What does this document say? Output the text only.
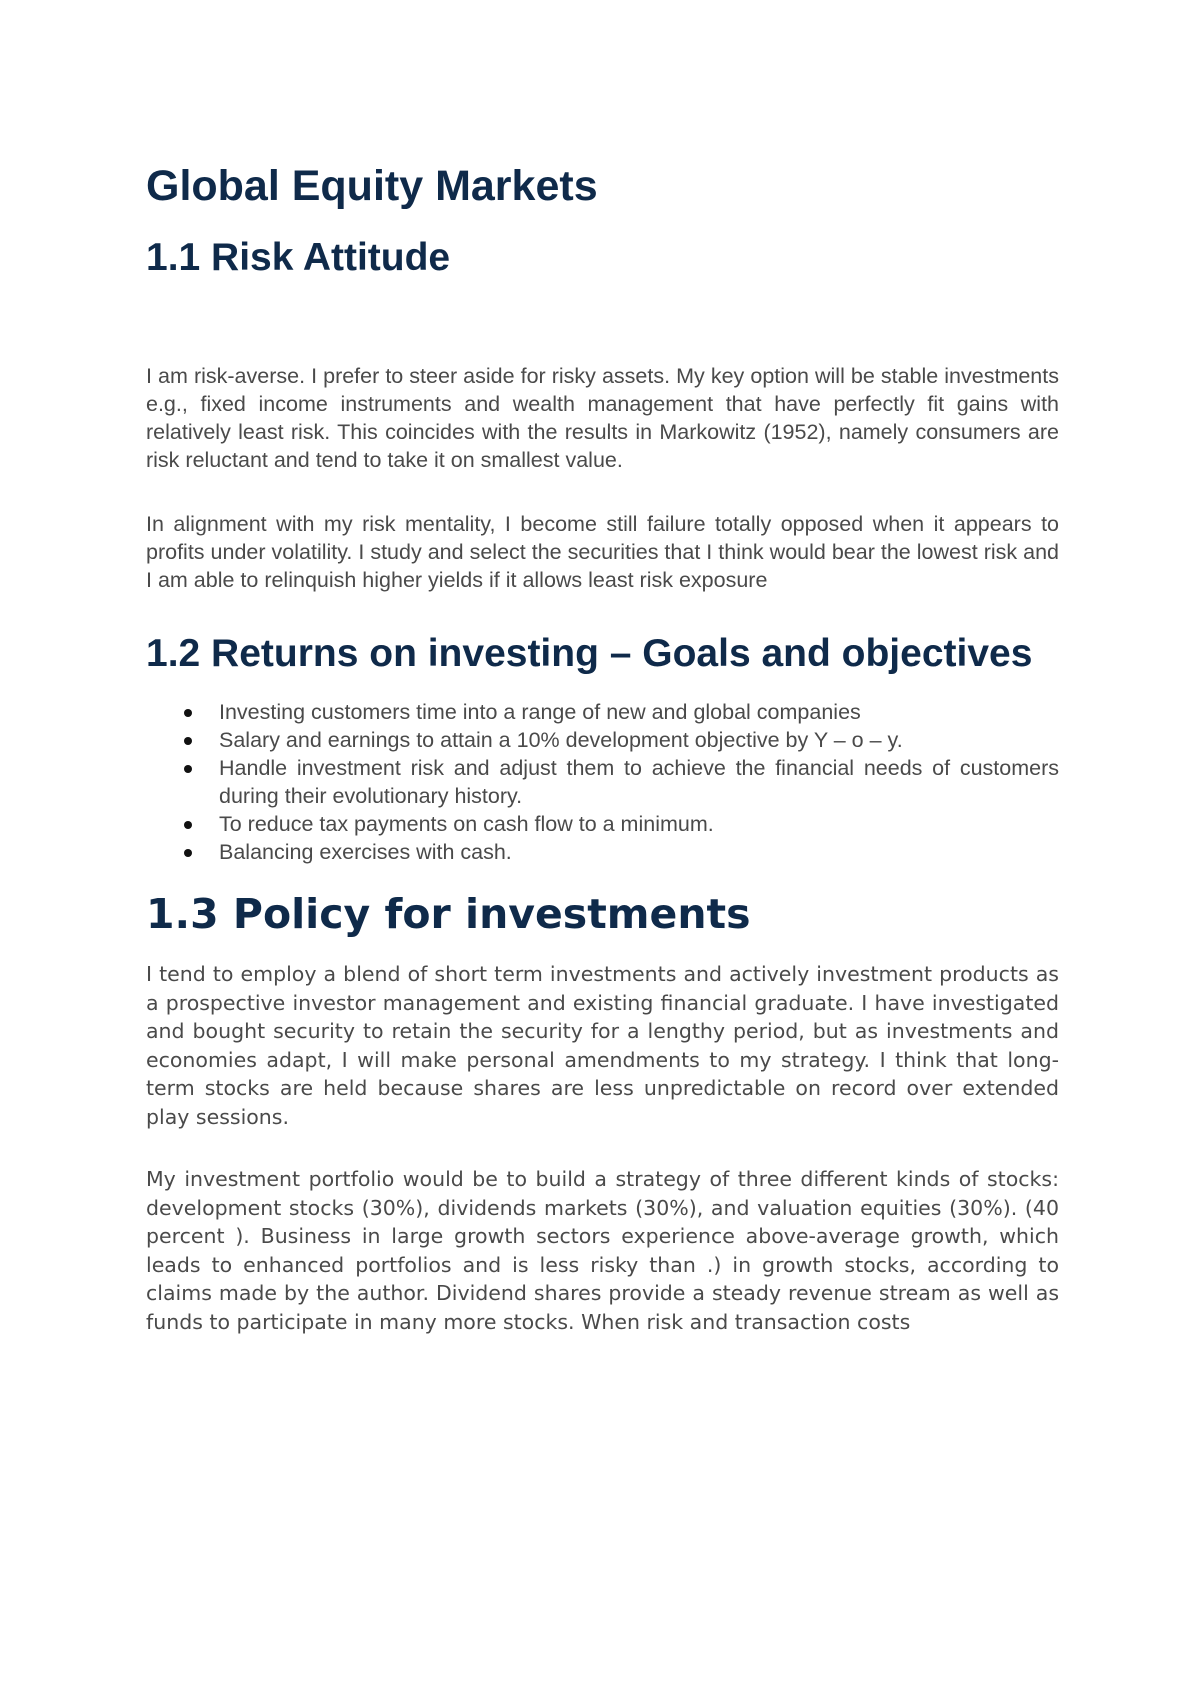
Global Equity Markets
1.1 Risk Attitude

I am risk-averse. I prefer to steer aside for risky assets. My key option will be stable investments e.g., fixed income instruments and wealth management that have perfectly fit gains with relatively least risk. This coincides with the results in Markowitz (1952), namely consumers are risk reluctant and tend to take it on smallest value.

In alignment with my risk mentality, I become still failure totally opposed when it appears to profits under volatility. I study and select the securities that I think would bear the lowest risk and I am able to relinquish higher yields if it allows least risk exposure

1.2 Returns on investing – Goals and objectives
Investing customers time into a range of new and global companies
Salary and earnings to attain a 10% development objective by Y – o – y.
Handle investment risk and adjust them to achieve the financial needs of customers during their evolutionary history.
To reduce tax payments on cash flow to a minimum.
Balancing exercises with cash.
1.3 Policy for investments

I tend to employ a blend of short term investments and actively investment products as a prospective investor management and existing financial graduate. I have investigated and bought security to retain the security for a lengthy period, but as investments and economies adapt, I will make personal amendments to my strategy. I think that long-term stocks are held because shares are less unpredictable on record over extended play sessions.

My investment portfolio would be to build a strategy of three different kinds of stocks: development stocks (30%), dividends markets (30%), and valuation equities (30%). (40 percent ). Business in large growth sectors experience above-average growth, which leads to enhanced portfolios and is less risky than .) in growth stocks, according to claims made by the author. Dividend shares provide a steady revenue stream as well as funds to participate in many more stocks. When risk and transaction costs
